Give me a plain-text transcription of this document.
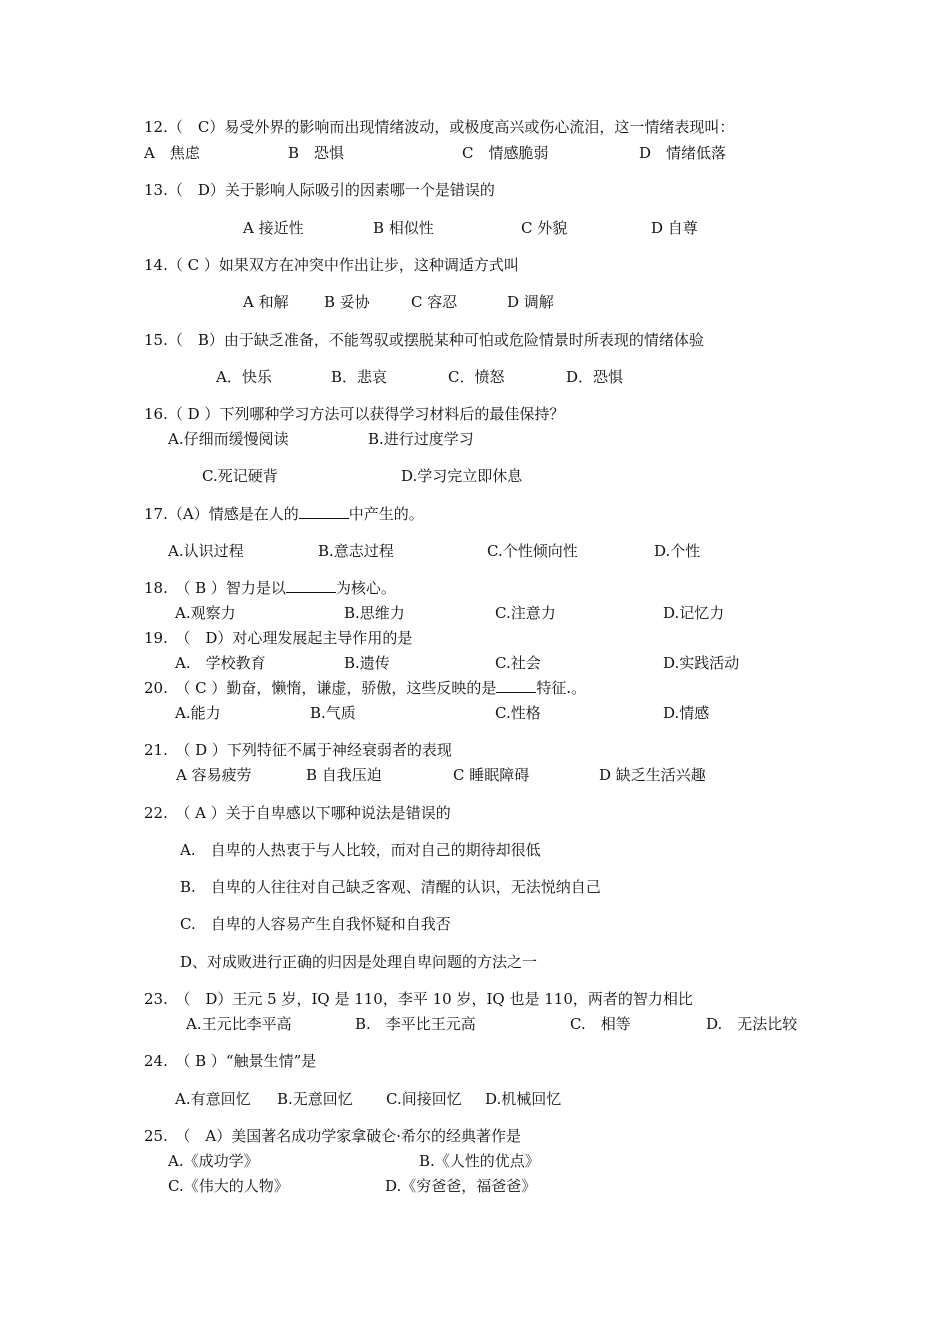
12.（　C）易受外界的影响而出现情绪波动，或极度高兴或伤心流泪，这一情绪表现叫：
A　焦虑	B　恐惧	C　情感脆弱	D　情绪低落
13.（　D）关于影响人际吸引的因素哪一个是错误的
A 接近性	B 相似性	C 外貌	D 自尊
14.（ C ）如果双方在冲突中作出让步，这种调适方式叫
A 和解 B 妥协	C 容忍	D 调解
15.（　B）由于缺乏准备，不能驾驭或摆脱某种可怕或危险情景时所表现的情绪体验
A．快乐	B．悲哀	C．愤怒	D．恐惧
16.（ D ）下列哪种学习方法可以获得学习材料后的最佳保持？
A.仔细而缓慢阅读	B.进行过度学习
C.死记硬背	D.学习完立即休息
17.（A）情感是在人的	中产生的。
A.认识过程	B.意志过程	C.个性倾向性	D.个性
18.　（ B ）智力是以	为核心。
A.观察力	B.思维力	C.注意力	D.记忆力
19.　（　D）对心理发展起主导作用的是
A.　学校教育	B.遗传	C.社会	D.实践活动
20.　（ C ）勤奋，懒惰，谦虚，骄傲，这些反映的是	特征.。
A.能力	B.气质	C.性格	D.情感
21.　（ D ）下列特征不属于神经衰弱者的表现
A 容易疲劳	B 自我压迫	C 睡眠障碍	D 缺乏生活兴趣
22.　（ A ）关于自卑感以下哪种说法是错误的
A.　自卑的人热衷于与人比较，而对自己的期待却很低
B.　自卑的人往往对自己缺乏客观、清醒的认识，无法悦纳自己
C.　自卑的人容易产生自我怀疑和自我否
D、对成败进行正确的归因是处理自卑问题的方法之一
23.　（　D）王元 5 岁，IQ 是 110，李平 10 岁，IQ 也是 110，两者的智力相比
A.王元比李平高	B.　李平比王元高	C.　相等	D.　无法比较
24.　（ B ）“触景生情”是
A.有意回忆 B.无意回忆 C.间接回忆 D.机械回忆
25.　（　A）美国著名成功学家拿破仑·希尔的经典著作是
A.《成功学》	B.《人性的优点》
C.《伟大的人物》	D.《穷爸爸，福爸爸》
